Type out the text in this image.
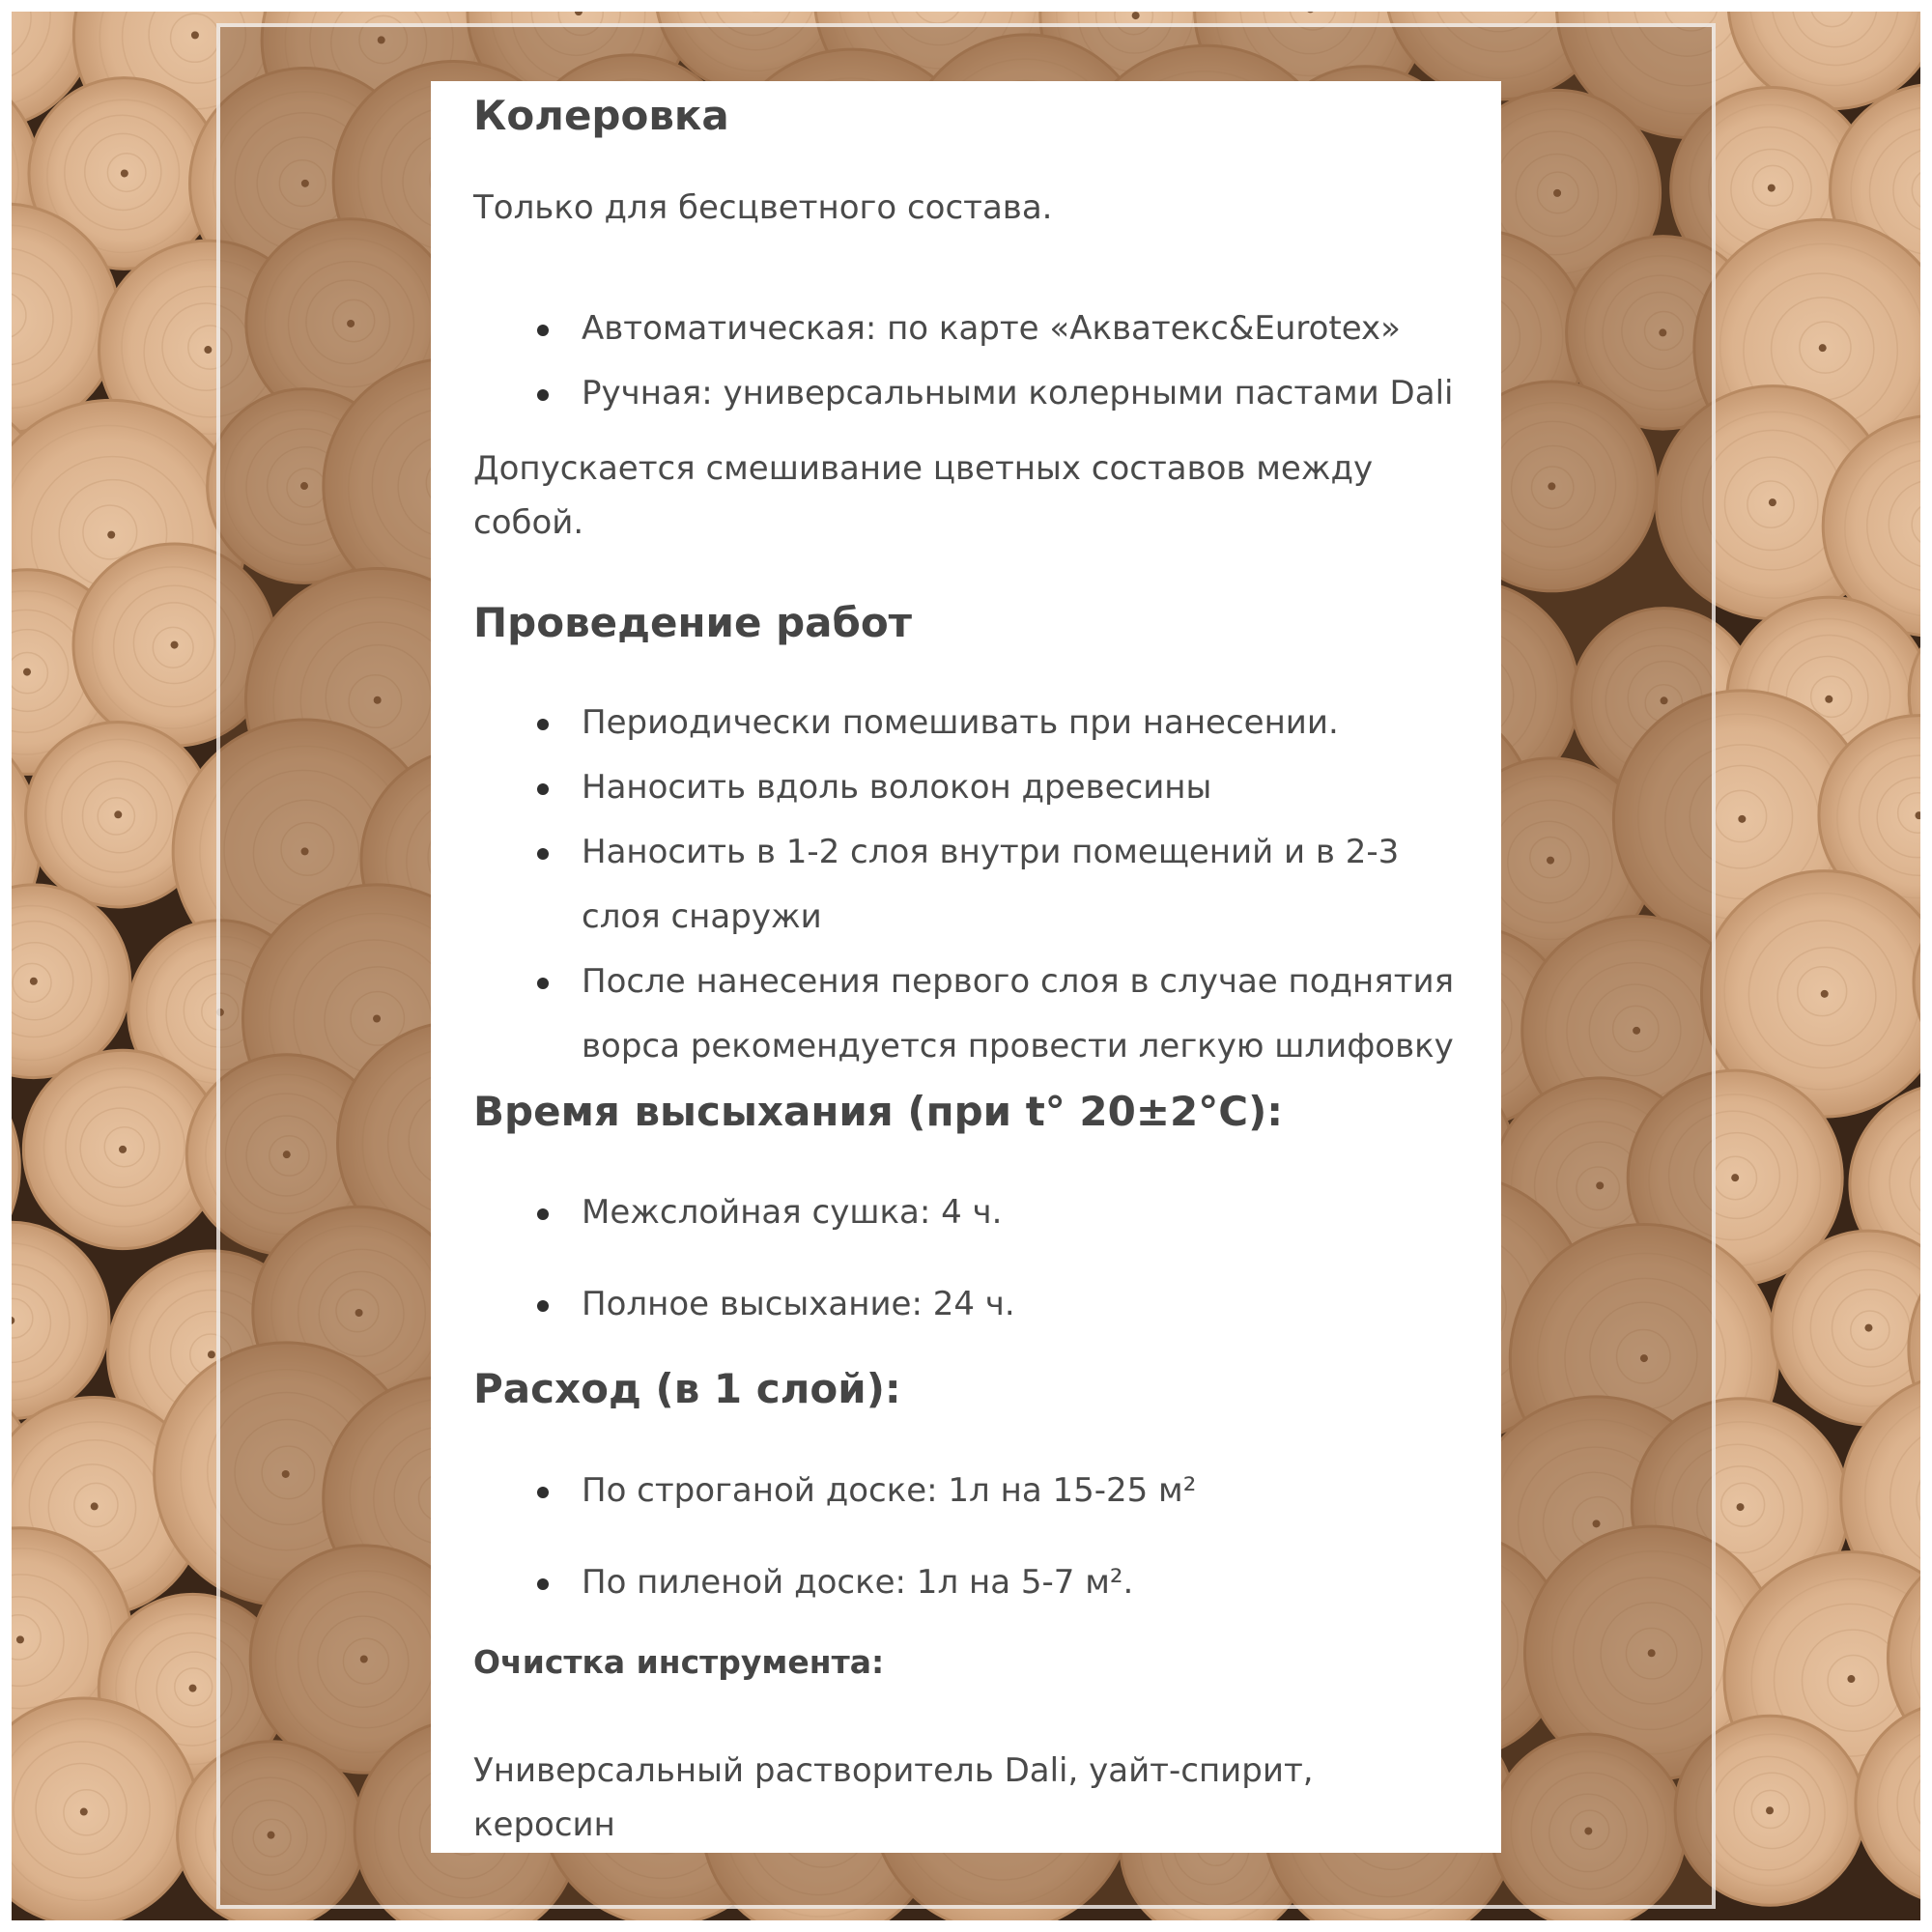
Колеровка

Только для бесцветного состава.

Автоматическая: по карте «Акватекс&Eurotex»
Ручная: универсальными колерными пастами Dali

Допускается смешивание цветных составов между собой.

Проведение работ
Периодически помешивать при нанесении.
Наносить вдоль волокон древесины
Наносить в 1-2 слоя внутри помещений и в 2-3 слоя снаружи
После нанесения первого слоя в случае поднятия ворса рекомендуется провести легкую шлифовку
Время высыхания (при t° 20±2°C):
Межслойная сушка: 4 ч.
Полное высыхание: 24 ч.
Расход (в 1 слой):
По строганой доске: 1л на 15-25 м²
По пиленой доске: 1л на 5-7 м².
Очистка инструмента:

Универсальный растворитель Dali, уайт-спирит, керосин
